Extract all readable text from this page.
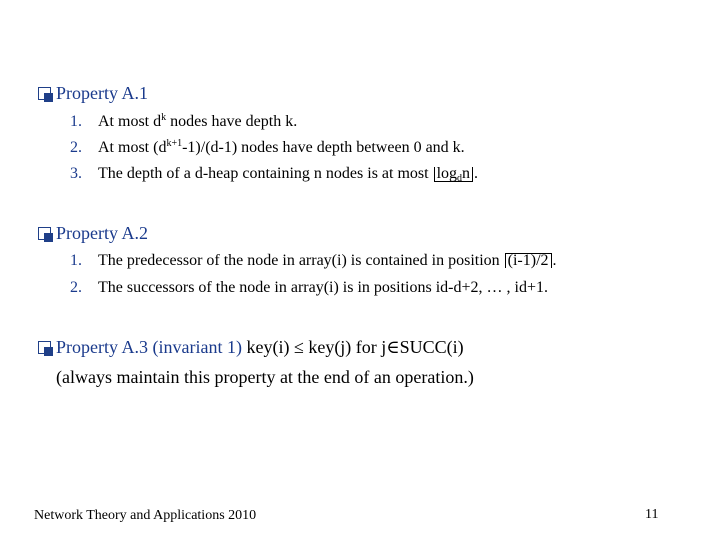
Property A.1
1. At most $d^k$ nodes have depth k.
2. At most $(d^{k+1}-1)/(d-1)$ nodes have depth between 0 and k.
3. The depth of a d-heap containing n nodes is at most $\log_dn$ .
Property A.2
1. The predecessor of the node in array(i) is contained in position (i-1)/2 .
2. The successors of the node in array(i) is in positions id-d+2, … , id+1.
Property A.3 (invariant 1) key(i) ≤ key(j) for j∈SUCC(i)
(always maintain this property at the end of an operation.)
Network Theory and Applications 2010	11
